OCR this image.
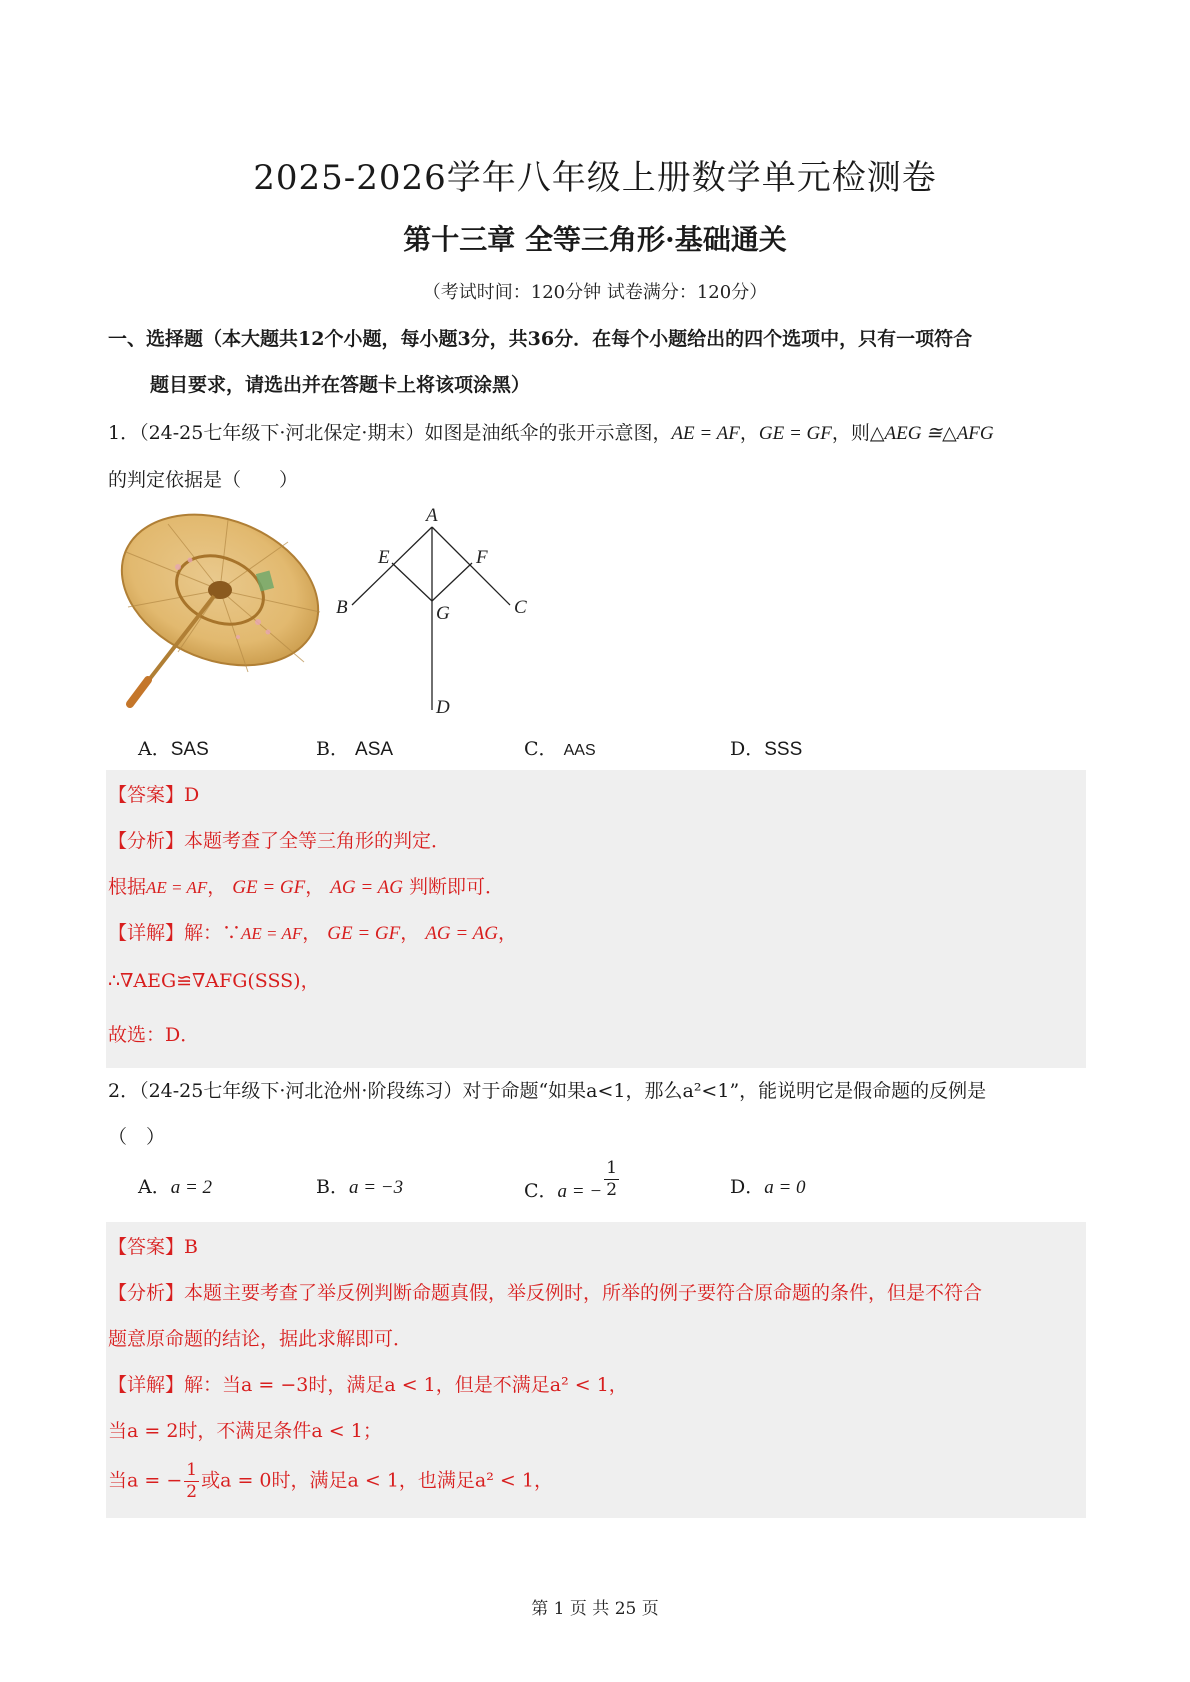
2025-2026学年八年级上册数学单元检测卷
第十三章 全等三角形·基础通关
（考试时间：120分钟 试卷满分：120分）
一、选择题（本大题共12个小题，每小题3分，共36分．在每个小题给出的四个选项中，只有一项符合
题目要求，请选出并在答题卡上将该项涂黑）
1．（24-25七年级下·河北保定·期末）如图是油纸伞的张开示意图，AE = AF，GE = GF，则△AEG ≅△AFG
的判定依据是（　　）
A
E	F
B	G	C
D
A．SAS	B． ASA	C． AAS	D．SSS
【答案】D
【分析】本题考查了全等三角形的判定．
根据AE = AF， GE = GF， AG = AG 判断即可．
【详解】解：∵AE = AF， GE = GF， AG = AG，
∴∇AEG≌∇AFG(SSS)，
故选：D．
2．（24-25七年级下·河北沧州·阶段练习）对于命题“如果a<1，那么a²<1”，能说明它是假命题的反例是
（　）
A．a = 2	B．a = −3	C．a = − $\frac{1}{2}$	D．a = 0
【答案】B
【分析】本题主要考查了举反例判断命题真假，举反例时，所举的例子要符合原命题的条件，但是不符合
题意原命题的结论，据此求解即可．
【详解】解：当a = −3时，满足a < 1，但是不满足a² < 1，
当a = 2时，不满足条件a < 1；
当a = − $\frac{1}{2}$ 或a = 0时，满足a < 1，也满足a² < 1，
第 1 页 共 25 页
